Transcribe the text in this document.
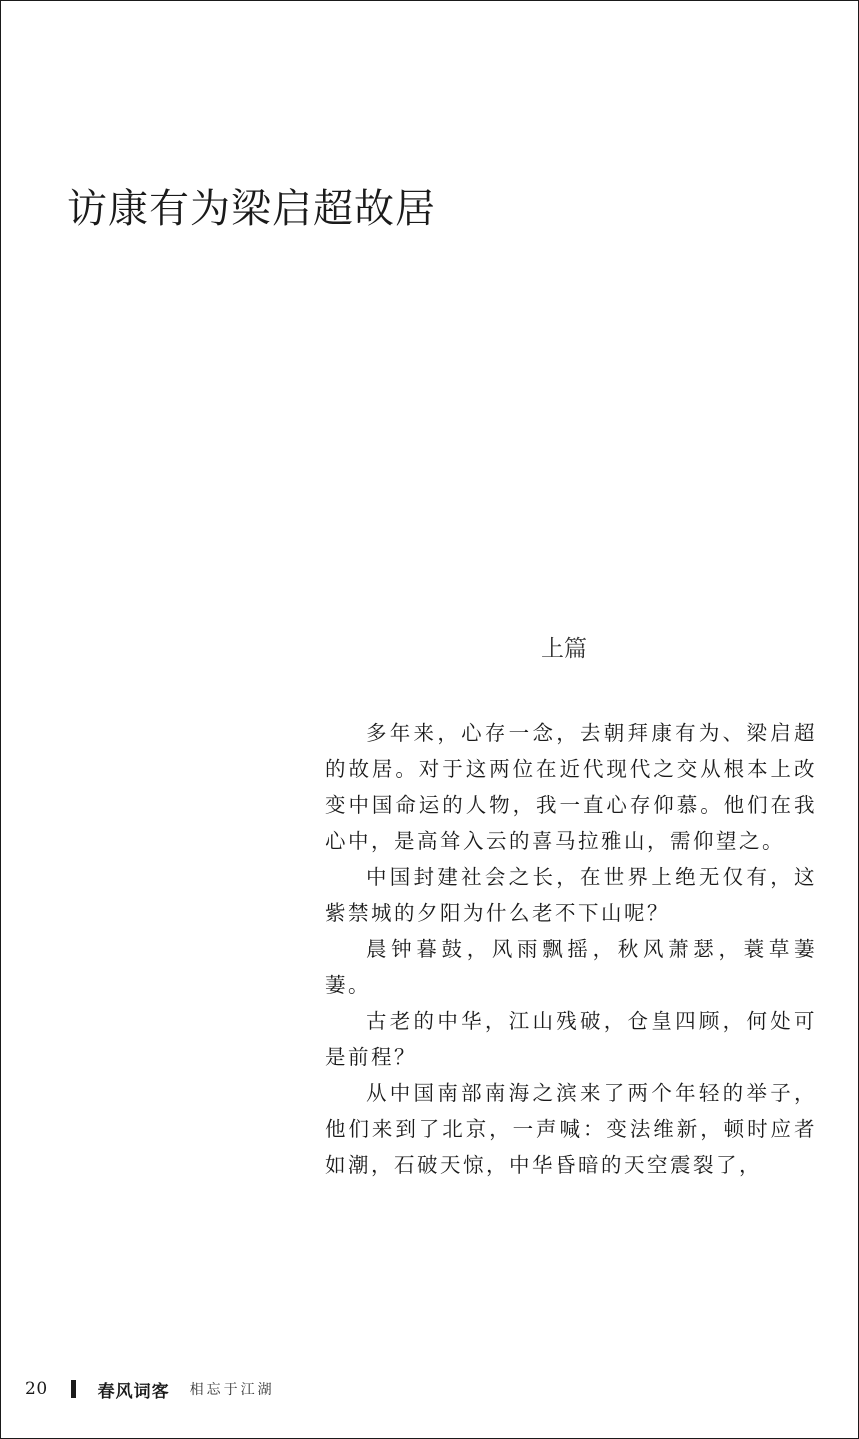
访康有为梁启超故居
上篇

多年来，心存一念，去朝拜康有为、梁启超的故居。对于这两位在近代现代之交从根本上改变中国命运的人物，我一直心存仰慕。他们在我心中，是高耸入云的喜马拉雅山，需仰望之。

中国封建社会之长，在世界上绝无仅有，这紫禁城的夕阳为什么老不下山呢？

晨钟暮鼓，风雨飘摇，秋风萧瑟，蓑草萋萋。

古老的中华，江山残破，仓皇四顾，何处可是前程？

从中国南部南海之滨来了两个年轻的举子，他们来到了北京，一声喊：变法维新，顿时应者如潮，石破天惊，中华昏暗的天空震裂了，

20	春风词客 相忘于江湖
